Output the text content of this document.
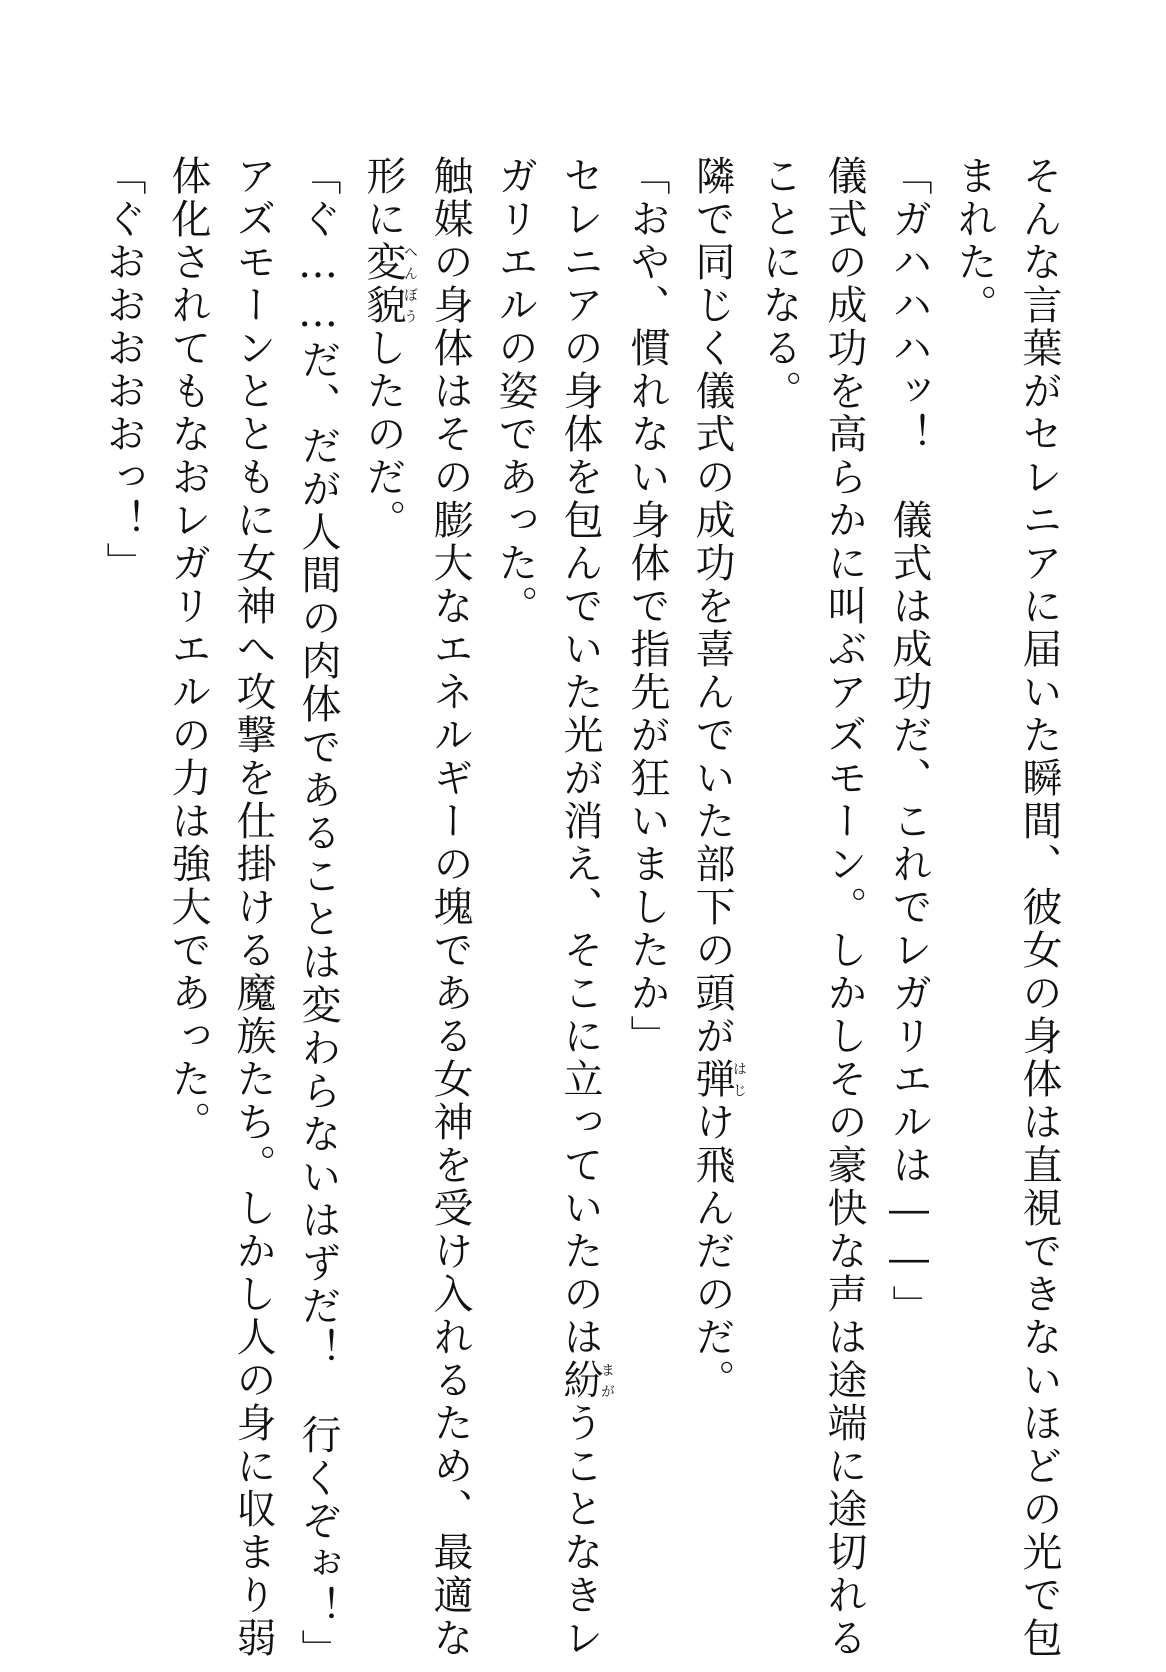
そんな言葉がセレニアに届いた瞬間、彼女の身体は直視できないほどの光で包
まれた。
「ガハハハッ！　儀式は成功だ、これでレガリエルは――」
儀式の成功を高らかに叫ぶアズモーン。しかしその豪快な声は途端に途切れる
ことになる。
隣で同じく儀式の成功を喜んでいた部下の頭が弾はじけ飛んだのだ。
「おや、慣れない身体で指先が狂いましたか」
セレニアの身体を包んでいた光が消え、そこに立っていたのは紛まがうことなきレ
ガリエルの姿であった。
触媒の身体はその膨大なエネルギーの塊である女神を受け入れるため、最適な
形に変貌へんぼうしたのだ。
「ぐ……だ、だが人間の肉体であることは変わらないはずだ！　行くぞぉ！」
アズモーンとともに女神へ攻撃を仕掛ける魔族たち。しかし人の身に収まり弱
体化されてもなおレガリエルの力は強大であった。
「ぐおおおおおっ！」
